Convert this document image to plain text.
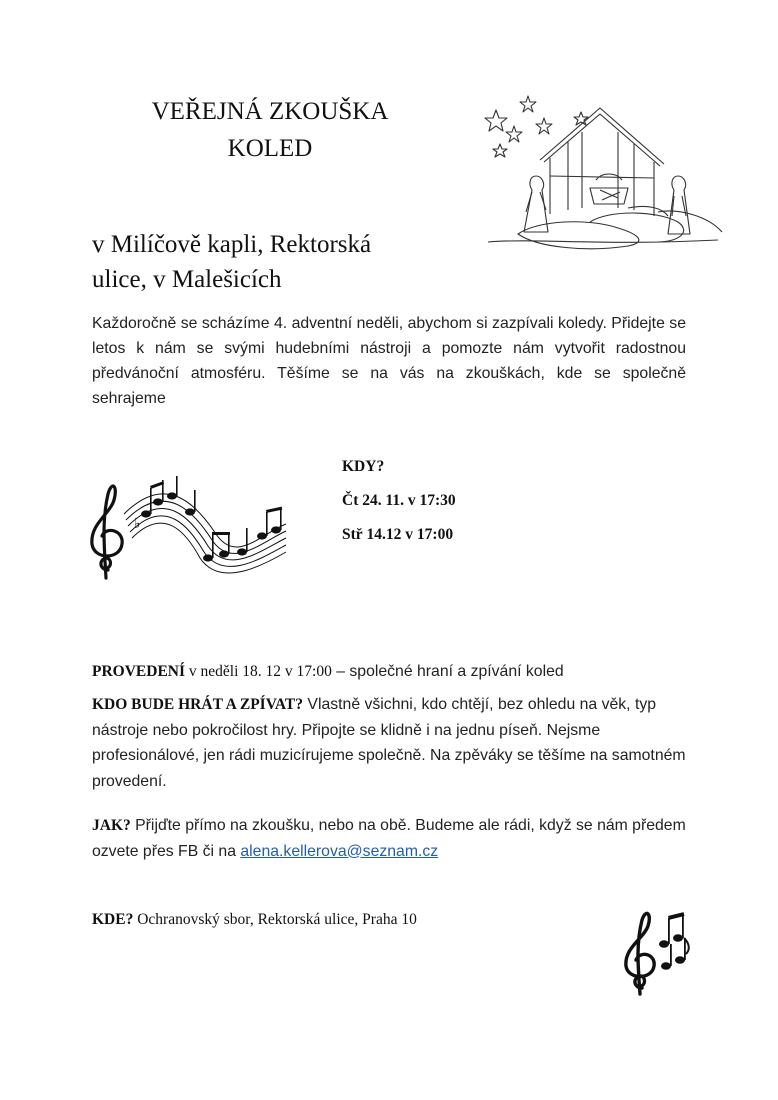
VEŘEJNÁ ZKOUŠKA
KOLED
v Milíčově kapli, Rektorská
ulice, v Malešicích
Každoročně se scházíme 4. adventní neděli, abychom si zazpívali koledy. Přidejte se letos k nám se svými hudebními nástroji a pomozte nám vytvořit radostnou předvánoční atmosféru. Těšíme se na vás na zkouškách, kde se společně sehrajeme
♭
KDY?
Čt 24. 11. v 17:30
Stř 14.12 v 17:00
PROVEDENÍ v neděli 18. 12 v 17:00 – společné hraní a zpívání koled
KDO BUDE HRÁT A ZPÍVAT? Vlastně všichni, kdo chtějí, bez ohledu na věk, typ nástroje nebo pokročilost hry. Připojte se klidně i na jednu píseň. Nejsme profesionálové, jen rádi muzicírujeme společně. Na zpěváky se těšíme na samotném provedení.
JAK? Přijďte přímo na zkoušku, nebo na obě. Budeme ale rádi, když se nám předem ozvete přes FB či na alena.kellerova@seznam.cz
KDE? Ochranovský sbor, Rektorská ulice, Praha 10
